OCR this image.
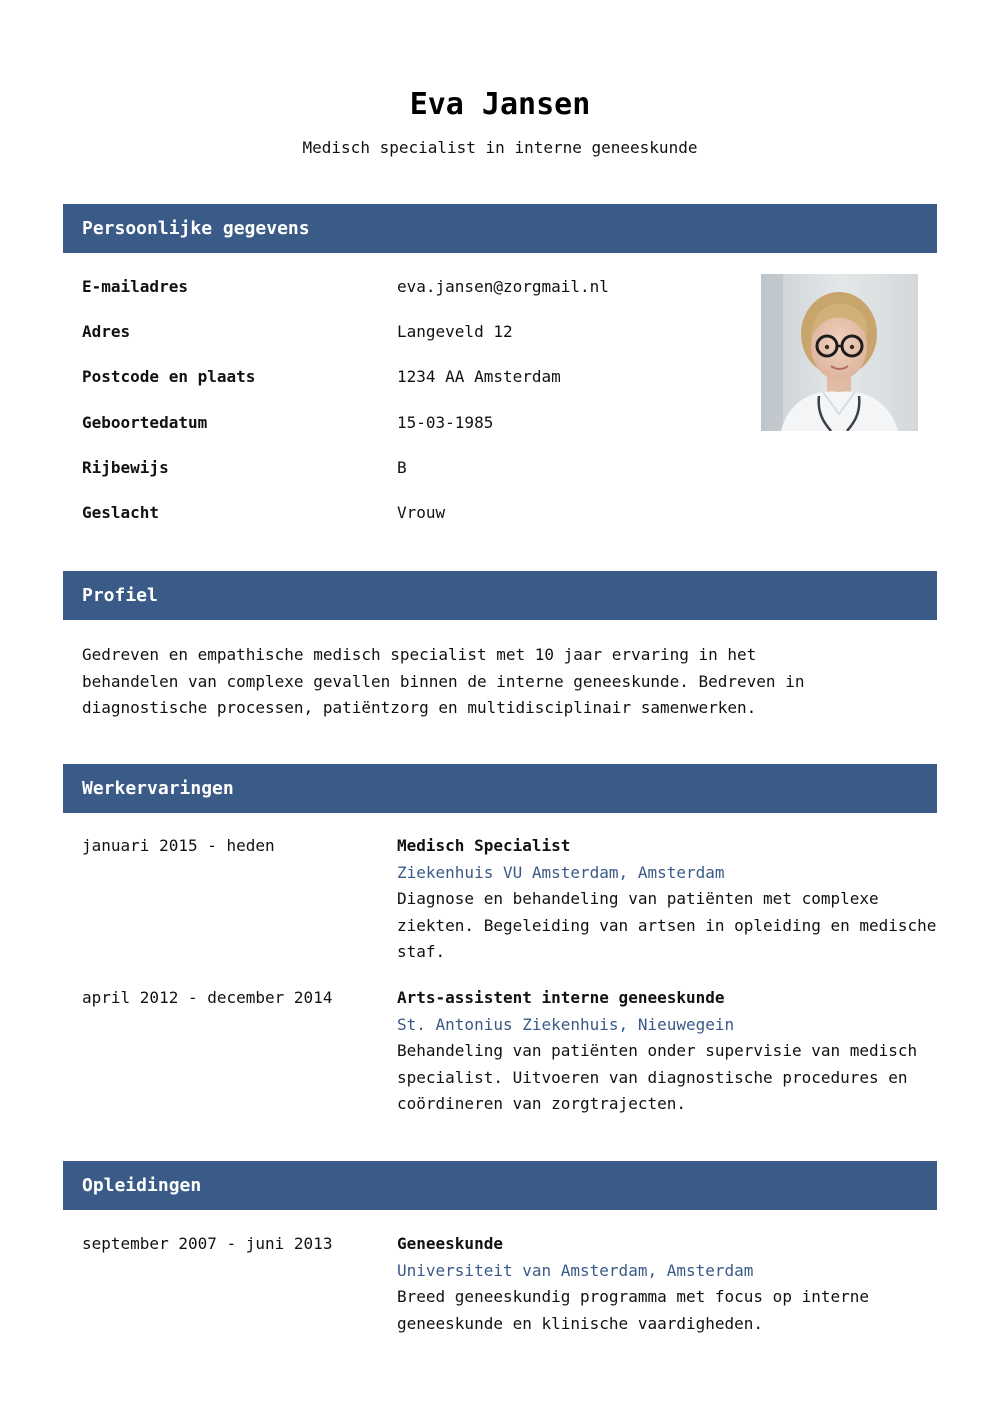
Eva Jansen
Medisch specialist in interne geneeskunde
Persoonlijke gegevens
E-mailadres	eva.jansen@zorgmail.nl
Adres	Langeveld 12
Postcode en plaats	1234 AA Amsterdam
Geboortedatum	15-03-1985
Rijbewijs	B
Geslacht	Vrouw
Profiel
Gedreven en empathische medisch specialist met 10 jaar ervaring in het
behandelen van complexe gevallen binnen de interne geneeskunde. Bedreven in
diagnostische processen, patiëntzorg en multidisciplinair samenwerken.
Werkervaringen
januari 2015 - heden	Medisch Specialist
Ziekenhuis VU Amsterdam, Amsterdam
Diagnose en behandeling van patiënten met complexe ziekten. Begeleiding van artsen in opleiding en medische staf.
april 2012 - december 2014	Arts-assistent interne geneeskunde
St. Antonius Ziekenhuis, Nieuwegein
Behandeling van patiënten onder supervisie van medisch specialist. Uitvoeren van diagnostische procedures en coördineren van zorgtrajecten.
Opleidingen
september 2007 - juni 2013	Geneeskunde
Universiteit van Amsterdam, Amsterdam
Breed geneeskundig programma met focus op interne geneeskunde en klinische vaardigheden.
